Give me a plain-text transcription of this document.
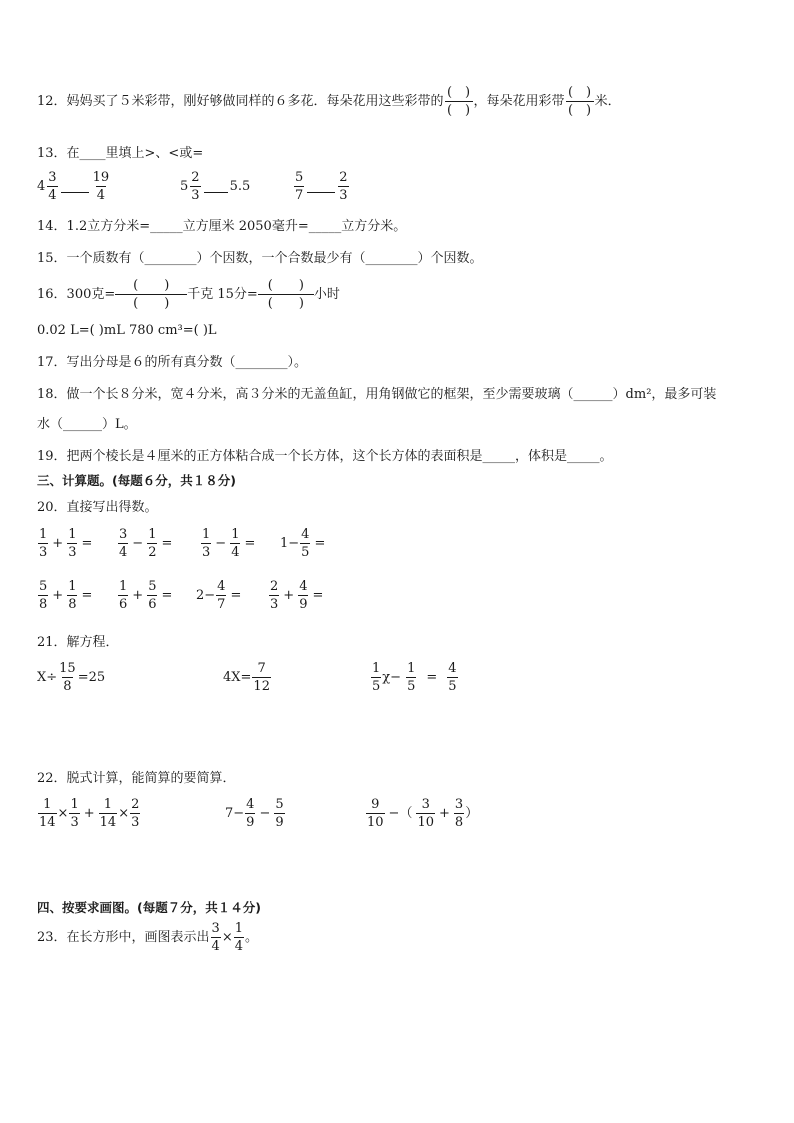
12．妈妈买了５米彩带，刚好够做同样的６多花．每朵花用这些彩带的 $\frac{( )}{( )}$ ，每朵花用彩带 $\frac{( )}{( )}$ 米．
13．在____里填上>、<或=
$4 \frac{3}{4}$	$\frac{19}{4}$	$5 \frac{2}{3} 5.5$	$\frac{5}{7}$	$\frac{2}{3}$
14．1.2立方分米=_____立方厘米 2050毫升=_____立方分米。
15．一个质数有（________）个因数，一个合数最少有（________）个因数。
16．300克= $\frac{( )}{( )}$ 千克 15分= $\frac{( )}{( )}$ 小时
0.02 L=( )mL 780 cm³=( )L
17．写出分母是６的所有真分数（________）。
18．做一个长８分米，宽４分米，高３分米的无盖鱼缸，用角钢做它的框架，至少需要玻璃（______）dm²，最多可装
水（______）L。
19．把两个棱长是４厘米的正方体粘合成一个长方体，这个长方体的表面积是_____，体积是_____。
三、计算题。(每题６分，共１８分)
20．直接写出得数。
$\frac{1}{3} + \frac{1}{3} = \frac{3}{4} - \frac{1}{2} = \frac{1}{3} - \frac{1}{4} = 1- \frac{4}{5}$ =
$\frac{5}{8} + \frac{1}{8} = \frac{1}{6} + \frac{5}{6} = 2- \frac{4}{7} = \frac{2}{3} + \frac{4}{9}$ =
21．解方程．
$X\div \frac{15}{8} =25$	$4X= \frac{7}{12}$	$\frac{1}{5} \chi- \frac{1}{5} = \frac{4}{5}$
22．脱式计算，能简算的要简算．
$\frac{1}{14} \times \frac{1}{3} + \frac{1}{14} \times \frac{2}{3}$	$7- \frac{4}{9} - \frac{5}{9}$	$\frac{9}{10}$ −（ $\frac{3}{10} + \frac{3}{8}$ ）
四、按要求画图。(每题７分，共１４分)
23．在长方形中，画图表示出 $\frac{3}{4} \times \frac{1}{4}$ 。
